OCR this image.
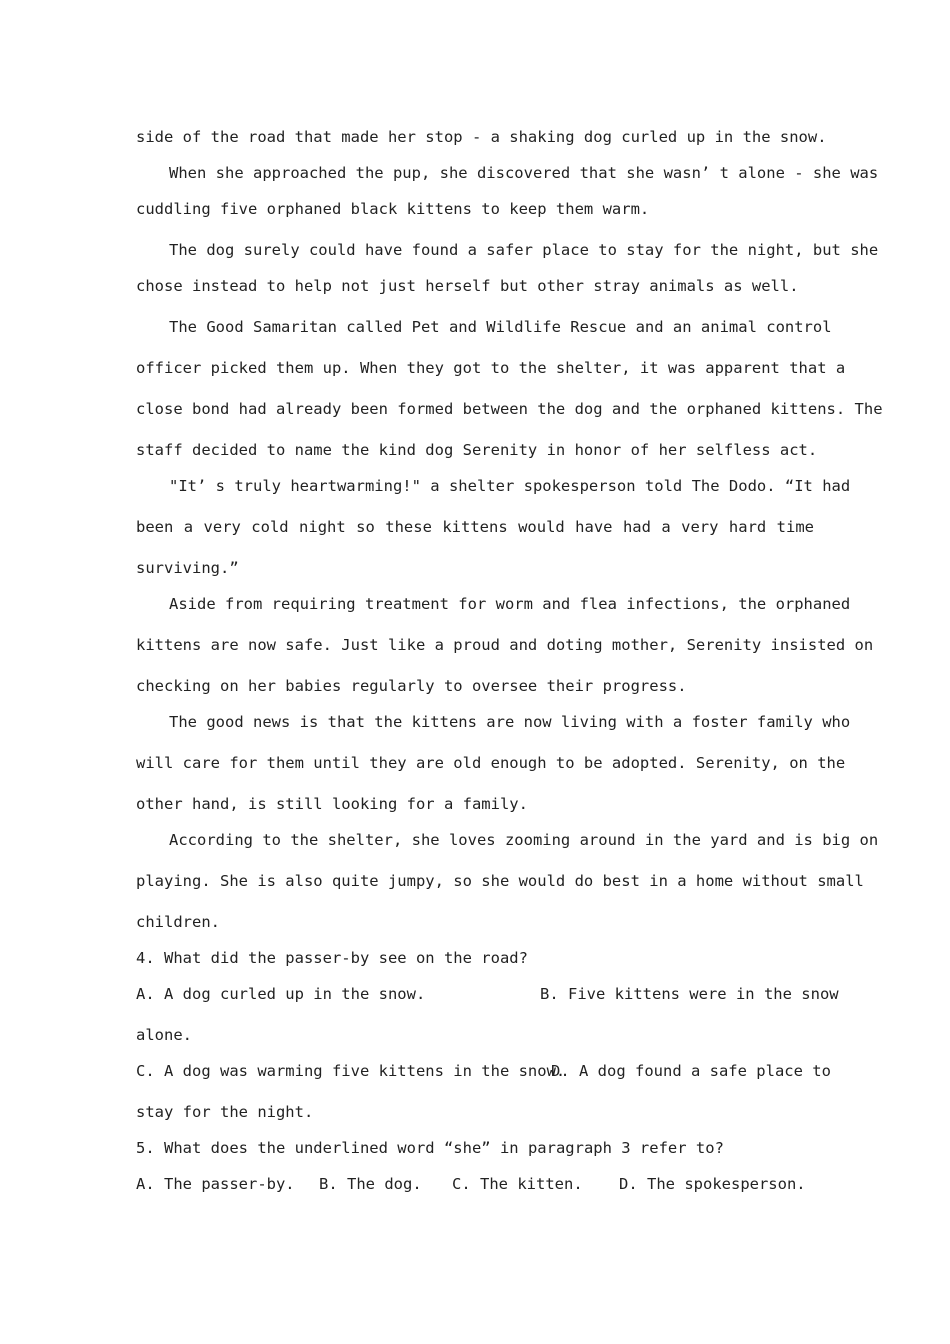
side of the road that made her stop - a shaking dog curled up in the snow.
When she approached the pup, she discovered that she wasn’ t alone - she was
cuddling five orphaned black kittens to keep them warm.
The dog surely could have found a safer place to stay for the night, but she
chose instead to help not just herself but other stray animals as well.
The Good Samaritan called Pet and Wildlife Rescue and an animal control
officer picked them up. When they got to the shelter, it was apparent that a
close bond had already been formed between the dog and the orphaned kittens. The
staff decided to name the kind dog Serenity in honor of her selfless act.
"It’ s truly heartwarming!" a shelter spokesperson told The Dodo. “It had
been a very cold night so these kittens would have had a very hard time
surviving.”
Aside from requiring treatment for worm and flea infections, the orphaned
kittens are now safe. Just like a proud and doting mother, Serenity insisted on
checking on her babies regularly to oversee their progress.
The good news is that the kittens are now living with a foster family who
will care for them until they are old enough to be adopted. Serenity, on the
other hand, is still looking for a family.
According to the shelter, she loves zooming around in the yard and is big on
playing. She is also quite jumpy, so she would do best in a home without small
children.
4. What did the passer-by see on the road?
A. A dog curled up in the snow.	B. Five kittens were in the snow
alone.
C. A dog was warming five kittens in the snow.D. A dog found a safe place to
stay for the night.
5. What does the underlined word “she” in paragraph 3 refer to?
A. The passer-by. B. The dog. C. The kitten. D. The spokesperson.
